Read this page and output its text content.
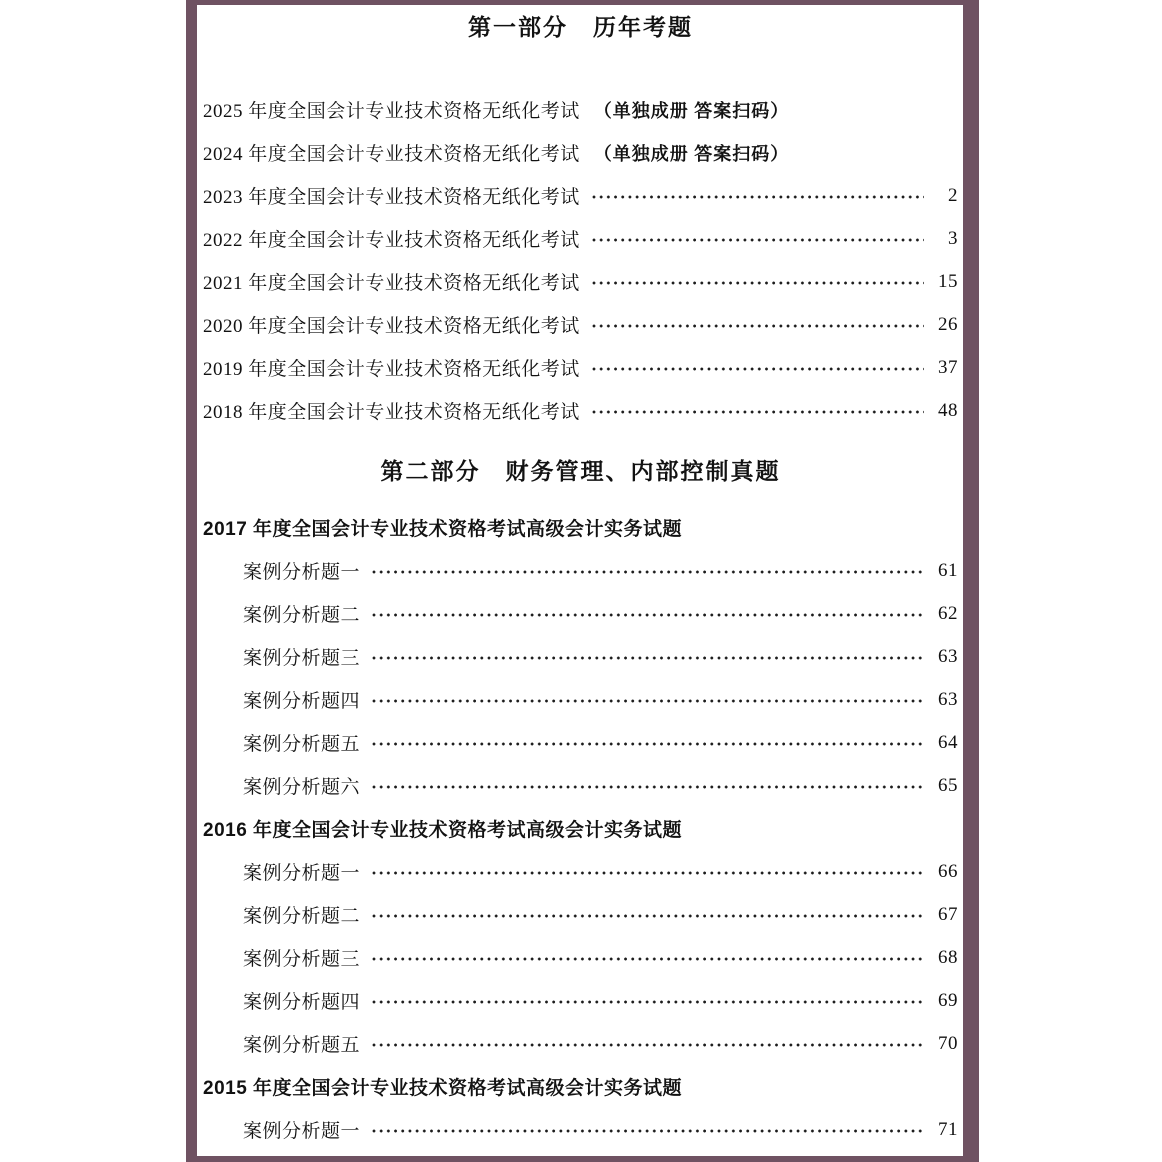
第一部分　历年考题
2025 年度全国会计专业技术资格无纸化考试 （单独成册 答案扫码）
2024 年度全国会计专业技术资格无纸化考试 （单独成册 答案扫码）
2023 年度全国会计专业技术资格无纸化考试	2
2022 年度全国会计专业技术资格无纸化考试	3
2021 年度全国会计专业技术资格无纸化考试	15
2020 年度全国会计专业技术资格无纸化考试	26
2019 年度全国会计专业技术资格无纸化考试	37
2018 年度全国会计专业技术资格无纸化考试	48
第二部分　财务管理、内部控制真题
2017 年度全国会计专业技术资格考试高级会计实务试题
案例分析题一	61
案例分析题二	62
案例分析题三	63
案例分析题四	63
案例分析题五	64
案例分析题六	65
2016 年度全国会计专业技术资格考试高级会计实务试题
案例分析题一	66
案例分析题二	67
案例分析题三	68
案例分析题四	69
案例分析题五	70
2015 年度全国会计专业技术资格考试高级会计实务试题
案例分析题一	71
